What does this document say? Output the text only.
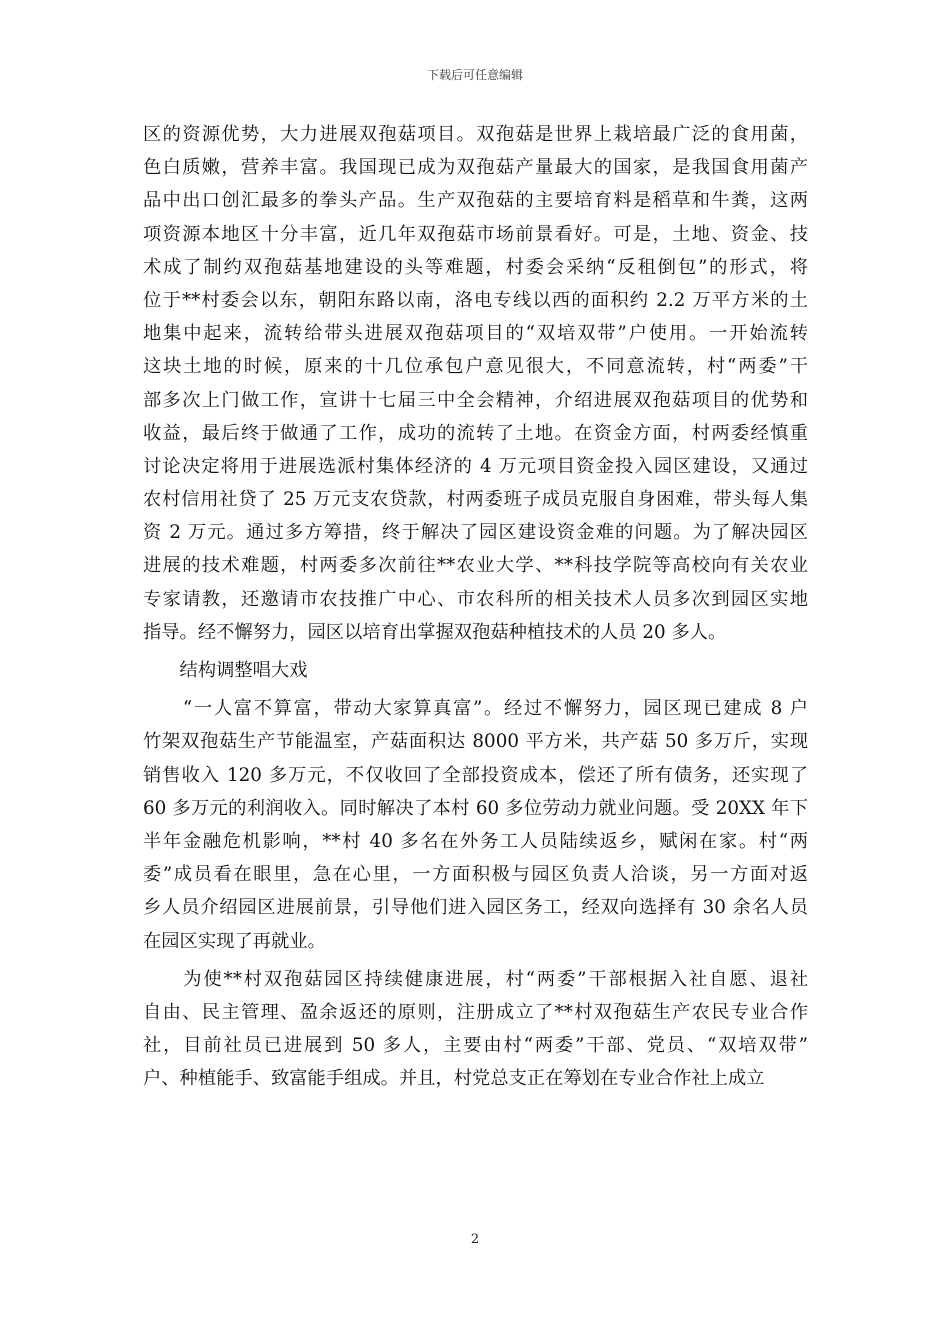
下载后可任意编辑
区的资源优势，大力进展双孢菇项目。双孢菇是世界上栽培最广泛的食用菌，
色白质嫩，营养丰富。我国现已成为双孢菇产量最大的国家，是我国食用菌产
品中出口创汇最多的拳头产品。生产双孢菇的主要培育料是稻草和牛粪，这两
项资源本地区十分丰富，近几年双孢菇市场前景看好。可是，土地、资金、技
术成了制约双孢菇基地建设的头等难题，村委会采纳“反租倒包”的形式，将
位于**村委会以东，朝阳东路以南，洛电专线以西的面积约 2.2 万平方米的土
地集中起来，流转给带头进展双孢菇项目的“双培双带”户使用。一开始流转
这块土地的时候，原来的十几位承包户意见很大，不同意流转，村“两委”干
部多次上门做工作，宣讲十七届三中全会精神，介绍进展双孢菇项目的优势和
收益，最后终于做通了工作，成功的流转了土地。在资金方面，村两委经慎重
讨论决定将用于进展选派村集体经济的 4 万元项目资金投入园区建设，又通过
农村信用社贷了 25 万元支农贷款，村两委班子成员克服自身困难，带头每人集
资 2 万元。通过多方筹措，终于解决了园区建设资金难的问题。为了解决园区
进展的技术难题，村两委多次前往**农业大学、**科技学院等高校向有关农业
专家请教，还邀请市农技推广中心、市农科所的相关技术人员多次到园区实地
指导。经不懈努力，园区以培育出掌握双孢菇种植技术的人员 20 多人。
　　结构调整唱大戏
　　“一人富不算富，带动大家算真富”。经过不懈努力，园区现已建成 8 户
竹架双孢菇生产节能温室，产菇面积达 8000 平方米，共产菇 50 多万斤，实现
销售收入 120 多万元，不仅收回了全部投资成本，偿还了所有债务，还实现了
60 多万元的利润收入。同时解决了本村 60 多位劳动力就业问题。受 20XX 年下
半年金融危机影响，**村 40 多名在外务工人员陆续返乡，赋闲在家。村“两
委”成员看在眼里，急在心里，一方面积极与园区负责人洽谈，另一方面对返
乡人员介绍园区进展前景，引导他们进入园区务工，经双向选择有 30 余名人员
在园区实现了再就业。
　　为使**村双孢菇园区持续健康进展，村“两委”干部根据入社自愿、退社
自由、民主管理、盈余返还的原则，注册成立了**村双孢菇生产农民专业合作
社，目前社员已进展到 50 多人，主要由村“两委”干部、党员、“双培双带”
户、种植能手、致富能手组成。并且，村党总支正在筹划在专业合作社上成立
2
